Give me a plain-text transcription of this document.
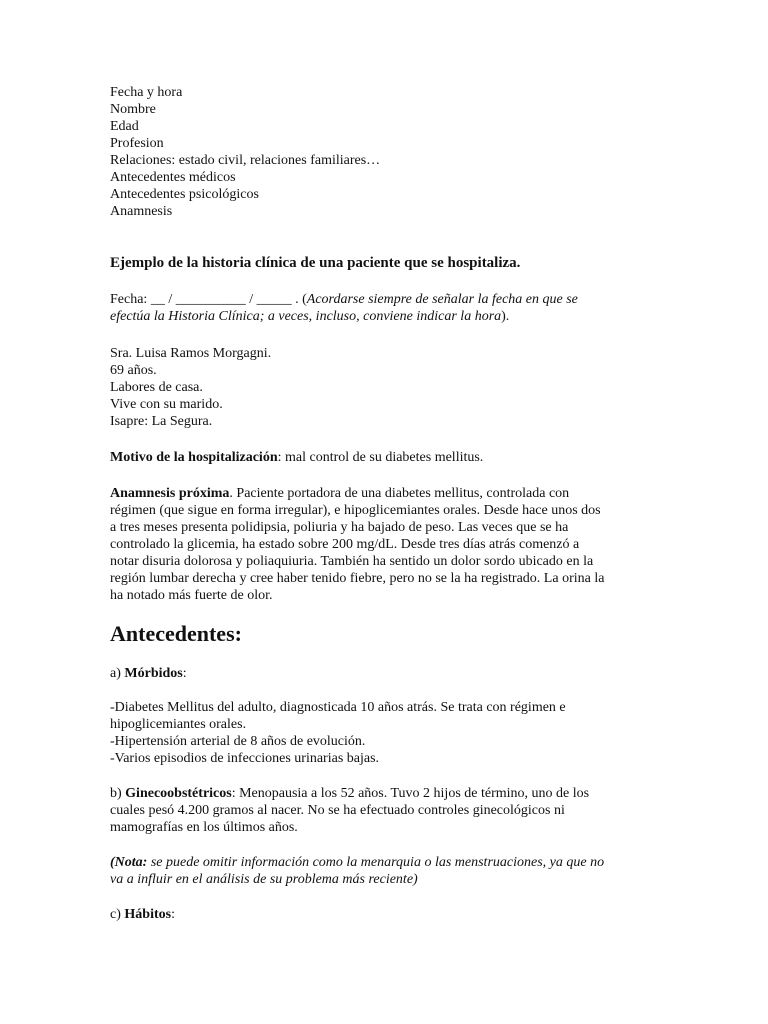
Fecha y hora
Nombre
Edad
Profesion
Relaciones: estado civil, relaciones familiares…
Antecedentes médicos
Antecedentes psicológicos
Anamnesis
Ejemplo de la historia clínica de una paciente que se hospitaliza.
Fecha: __ / __________ / _____ . (Acordarse siempre de señalar la fecha en que se
efectúa la Historia Clínica; a veces, incluso, conviene indicar la hora).
Sra. Luisa Ramos Morgagni.
69 años.
Labores de casa.
Vive con su marido.
Isapre: La Segura.
Motivo de la hospitalización: mal control de su diabetes mellitus.
Anamnesis próxima. Paciente portadora de una diabetes mellitus, controlada con
régimen (que sigue en forma irregular), e hipoglicemiantes orales. Desde hace unos dos
a tres meses presenta polidipsia, poliuria y ha bajado de peso. Las veces que se ha
controlado la glicemia, ha estado sobre 200 mg/dL. Desde tres días atrás comenzó a
notar disuria dolorosa y poliaquiuria. También ha sentido un dolor sordo ubicado en la
región lumbar derecha y cree haber tenido fiebre, pero no se la ha registrado. La orina la
ha notado más fuerte de olor.
Antecedentes:
a) Mórbidos:
-Diabetes Mellitus del adulto, diagnosticada 10 años atrás. Se trata con régimen e
hipoglicemiantes orales.
-Hipertensión arterial de 8 años de evolución.
-Varios episodios de infecciones urinarias bajas.
b) Ginecoobstétricos: Menopausia a los 52 años. Tuvo 2 hijos de término, uno de los
cuales pesó 4.200 gramos al nacer. No se ha efectuado controles ginecológicos ni
mamografías en los últimos años.
(Nota: se puede omitir información como la menarquia o las menstruaciones, ya que no
va a influir en el análisis de su problema más reciente)
c) Hábitos:
